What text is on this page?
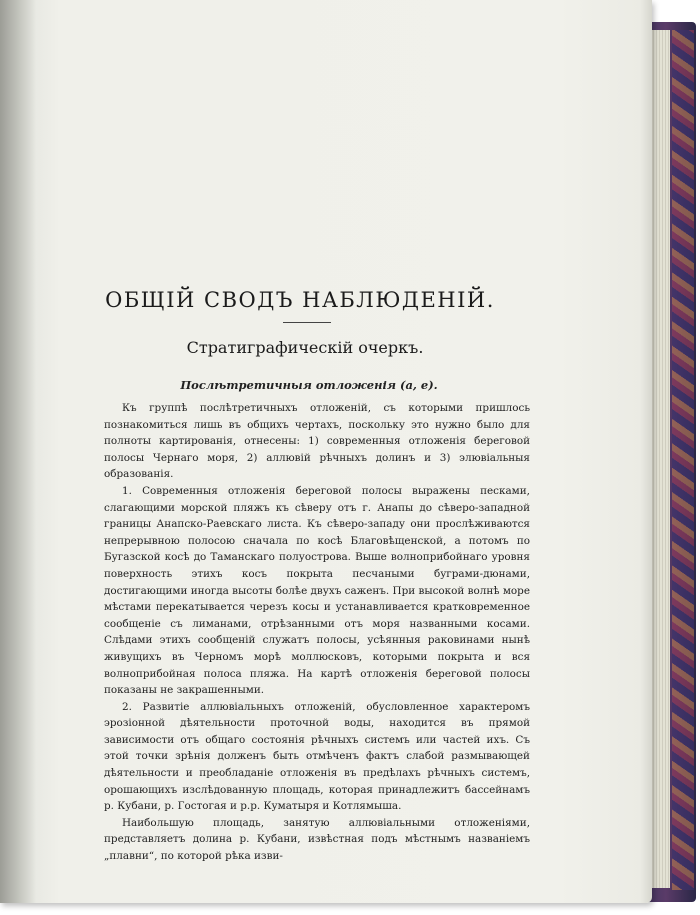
ОБЩIЙ СВОДЪ НАБЛЮДЕНIЙ.
Стратиграфическій очеркъ.
Послѣтретичныя отложенія (a, e).

Къ группѣ послѣтретичныхъ отложеній, съ которыми пришлось познакомиться лишь въ общихъ чертахъ, поскольку это нужно было для полноты картированія, отнесены: 1) современныя отложенія береговой полосы Чернаго моря, 2) аллювій рѣчныхъ долинъ и 3) элювіальныя образованія.

1. Современныя отложенія береговой полосы выражены песками, слагающими морской пляжъ къ сѣверу отъ г. Анапы до сѣверо-западной границы Анапско-Раевскаго листа. Къ сѣверо-западу они прослѣживаются непрерывною полосою сначала по косѣ Благовѣщенской, а потомъ по Бугазской косѣ до Таманскаго полуострова. Выше волноприбойнаго уровня поверхность этихъ косъ покрыта песчаными буграми-дюнами, достигающими иногда высоты болѣе двухъ саженъ. При высокой волнѣ море мѣстами перекатывается черезъ косы и устанавливается кратковременное сообщеніе съ лиманами, отрѣзанными отъ моря названными косами. Слѣдами этихъ сообщеній служатъ полосы, усѣянныя раковинами нынѣ живущихъ въ Черномъ морѣ моллюсковъ, которыми покрыта и вся волноприбойная полоса пляжа. На картѣ отложенія береговой полосы показаны не закрашенными.

2. Развитіе аллювіальныхъ отложеній, обусловленное характеромъ эрозіонной дѣятельности проточной воды, находится въ прямой зависимости отъ общаго состоянія рѣчныхъ системъ или частей ихъ. Съ этой точки зрѣнія долженъ быть отмѣченъ фактъ слабой размывающей дѣятельности и преобладаніе отложенія въ предѣлахъ рѣчныхъ системъ, орошающихъ изслѣдованную площадь, которая принадлежитъ бассейнамъ р. Кубани, р. Гостогая и р.р. Куматыря и Котлямыша.

Наибольшую площадь, занятую аллювіальными отложеніями, представляетъ долина р. Кубани, извѣстная подъ мѣстнымъ названіемъ „плавни“, по которой рѣка изви-
